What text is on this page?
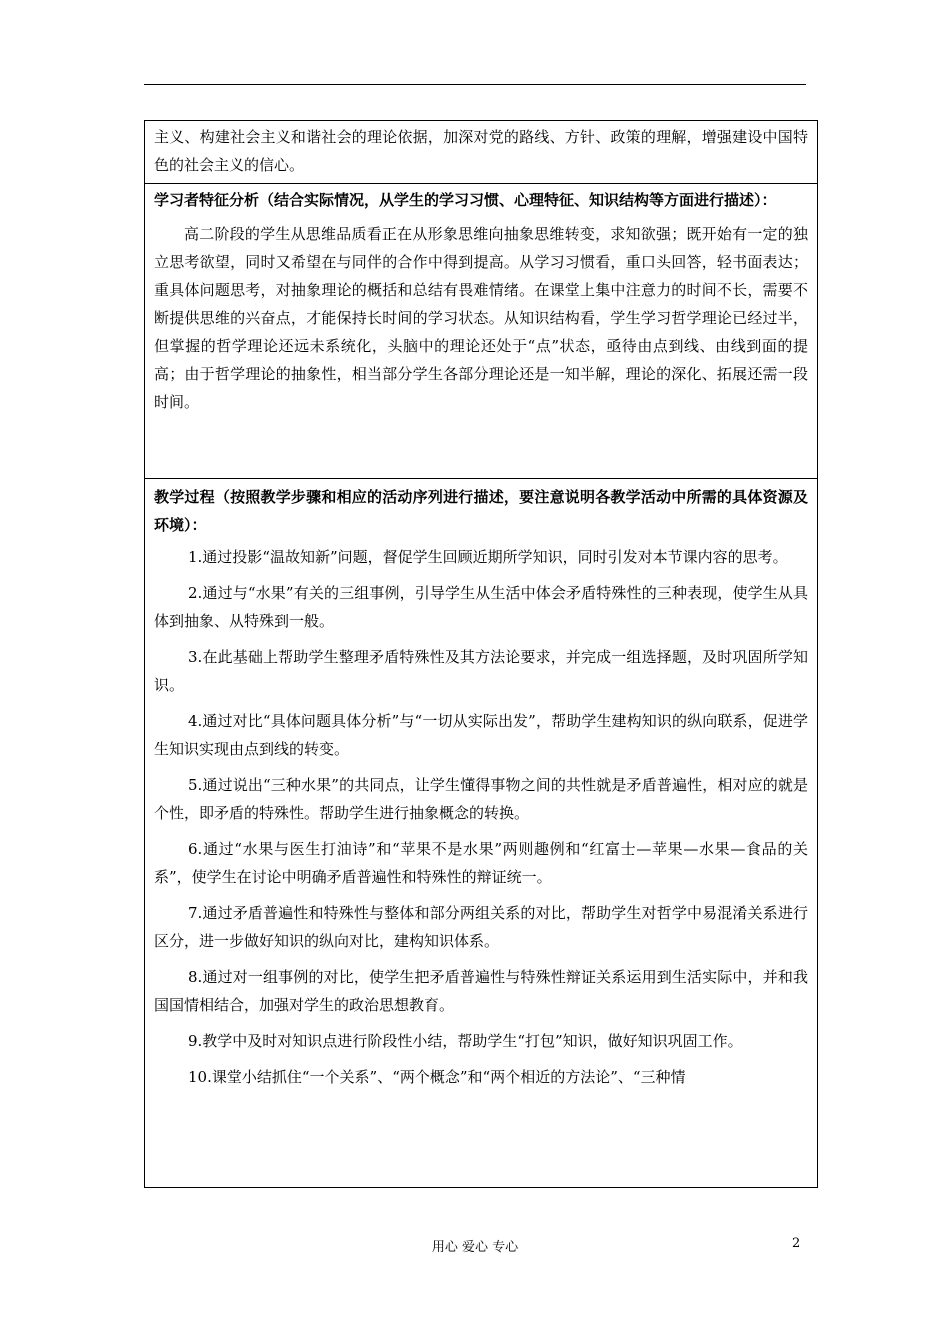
主义、构建社会主义和谐社会的理论依据，加深对党的路线、方针、政策的理解，增强建设中国特色的社会主义的信心。

学习者特征分析（结合实际情况，从学生的学习习惯、心理特征、知识结构等方面进行描述）：

高二阶段的学生从思维品质看正在从形象思维向抽象思维转变，求知欲强；既开始有一定的独立思考欲望，同时又希望在与同伴的合作中得到提高。从学习习惯看，重口头回答，轻书面表达；重具体问题思考，对抽象理论的概括和总结有畏难情绪。在课堂上集中注意力的时间不长，需要不断提供思维的兴奋点，才能保持长时间的学习状态。从知识结构看，学生学习哲学理论已经过半，但掌握的哲学理论还远未系统化，头脑中的理论还处于“点”状态，亟待由点到线、由线到面的提高；由于哲学理论的抽象性，相当部分学生各部分理论还是一知半解，理论的深化、拓展还需一段时间。

教学过程（按照教学步骤和相应的活动序列进行描述，要注意说明各教学活动中所需的具体资源及环境）：

1.通过投影“温故知新”问题，督促学生回顾近期所学知识，同时引发对本节课内容的思考。

2.通过与“水果”有关的三组事例，引导学生从生活中体会矛盾特殊性的三种表现，使学生从具体到抽象、从特殊到一般。

3.在此基础上帮助学生整理矛盾特殊性及其方法论要求，并完成一组选择题，及时巩固所学知识。

4.通过对比“具体问题具体分析”与“一切从实际出发”，帮助学生建构知识的纵向联系，促进学生知识实现由点到线的转变。

5.通过说出“三种水果”的共同点，让学生懂得事物之间的共性就是矛盾普遍性，相对应的就是个性，即矛盾的特殊性。帮助学生进行抽象概念的转换。

6.通过“水果与医生打油诗”和“苹果不是水果”两则趣例和“红富士—苹果—水果—食品的关系”，使学生在讨论中明确矛盾普遍性和特殊性的辩证统一。

7.通过矛盾普遍性和特殊性与整体和部分两组关系的对比，帮助学生对哲学中易混淆关系进行区分，进一步做好知识的纵向对比，建构知识体系。

8.通过对一组事例的对比，使学生把矛盾普遍性与特殊性辩证关系运用到生活实际中，并和我国国情相结合，加强对学生的政治思想教育。

9.教学中及时对知识点进行阶段性小结，帮助学生“打包”知识，做好知识巩固工作。

10.课堂小结抓住“一个关系”、“两个概念”和“两个相近的方法论”、“三种情

用心 爱心 专心	2
